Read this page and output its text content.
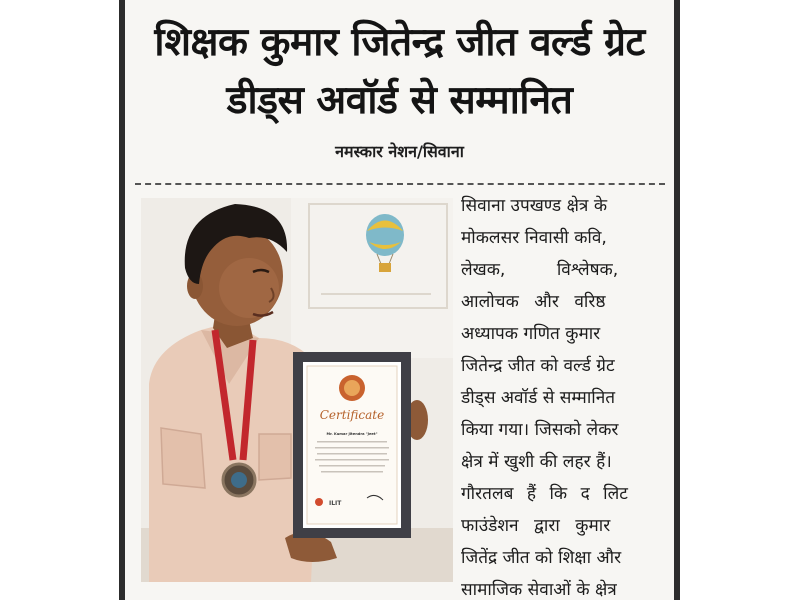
शिक्षक कुमार जितेन्द्र जीत वर्ल्ड ग्रेट
डीड्स अवॉर्ड से सम्मानित
नमस्कार नेशन/सिवाना
Certificate
Mr. Kumar Jitendra "Jeet"
ILIT
सिवाना उपखण्ड क्षेत्र के
मोकलसर निवासी कवि,
लेखक, विश्लेषक,
आलोचक और वरिष्ठ
अध्यापक गणित कुमार
जितेन्द्र जीत को वर्ल्ड ग्रेट
डीड्स अवॉर्ड से सम्मानित
किया गया। जिसको लेकर
क्षेत्र में खुशी की लहर हैं।
गौरतलब हैं कि द लिट
फाउंडेशन द्वारा कुमार
जितेंद्र जीत को शिक्षा और
सामाजिक सेवाओं के क्षेत्र
